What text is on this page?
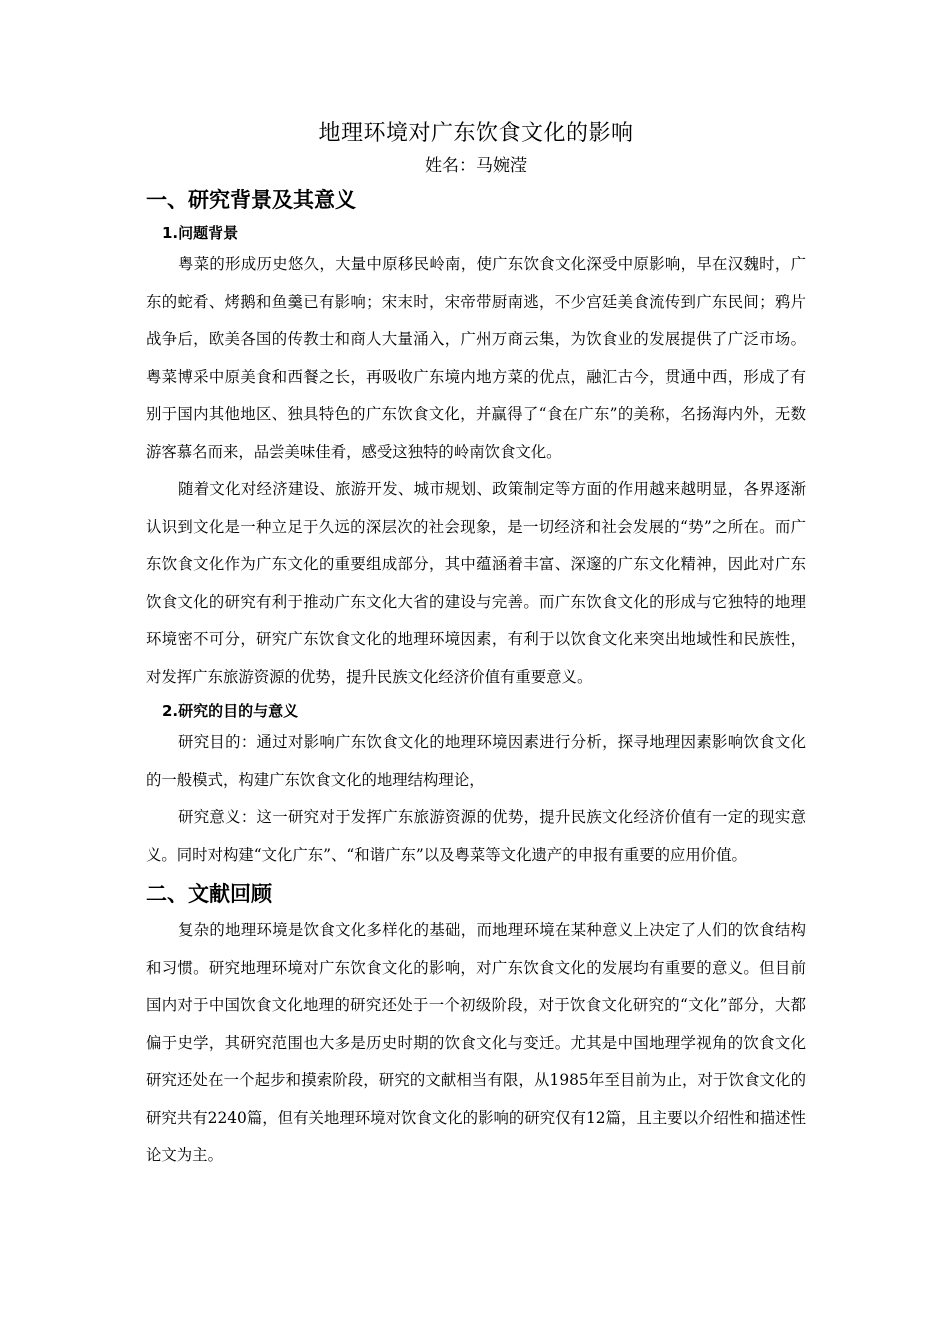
地理环境对广东饮食文化的影响

姓名：马婉滢

一、研究背景及其意义
1.问题背景

粤菜的形成历史悠久，大量中原移民岭南，使广东饮食文化深受中原影响，早在汉魏时，广东的蛇肴、烤鹅和鱼羹已有影响；宋末时，宋帝带厨南逃，不少宫廷美食流传到广东民间；鸦片战争后，欧美各国的传教士和商人大量涌入，广州万商云集，为饮食业的发展提供了广泛市场。粤菜博采中原美食和西餐之长，再吸收广东境内地方菜的优点，融汇古今，贯通中西，形成了有别于国内其他地区、独具特色的广东饮食文化，并赢得了“食在广东”的美称，名扬海内外，无数游客慕名而来，品尝美味佳肴，感受这独特的岭南饮食文化。

随着文化对经济建设、旅游开发、城市规划、政策制定等方面的作用越来越明显，各界逐渐认识到文化是一种立足于久远的深层次的社会现象，是一切经济和社会发展的“势”之所在。而广东饮食文化作为广东文化的重要组成部分，其中蕴涵着丰富、深邃的广东文化精神，因此对广东饮食文化的研究有利于推动广东文化大省的建设与完善。而广东饮食文化的形成与它独特的地理环境密不可分，研究广东饮食文化的地理环境因素，有利于以饮食文化来突出地域性和民族性，对发挥广东旅游资源的优势，提升民族文化经济价值有重要意义。

2.研究的目的与意义

研究目的：通过对影响广东饮食文化的地理环境因素进行分析，探寻地理因素影响饮食文化的一般模式，构建广东饮食文化的地理结构理论，

研究意义：这一研究对于发挥广东旅游资源的优势，提升民族文化经济价值有一定的现实意义。同时对构建“文化广东”、“和谐广东”以及粤菜等文化遗产的申报有重要的应用价值。

二、文献回顾

复杂的地理环境是饮食文化多样化的基础，而地理环境在某种意义上决定了人们的饮食结构和习惯。研究地理环境对广东饮食文化的影响，对广东饮食文化的发展均有重要的意义。但目前国内对于中国饮食文化地理的研究还处于一个初级阶段，对于饮食文化研究的“文化”部分，大都偏于史学，其研究范围也大多是历史时期的饮食文化与变迁。尤其是中国地理学视角的饮食文化研究还处在一个起步和摸索阶段，研究的文献相当有限，从1985年至目前为止，对于饮食文化的研究共有2240篇，但有关地理环境对饮食文化的影响的研究仅有12篇，且主要以介绍性和描述性论文为主。
